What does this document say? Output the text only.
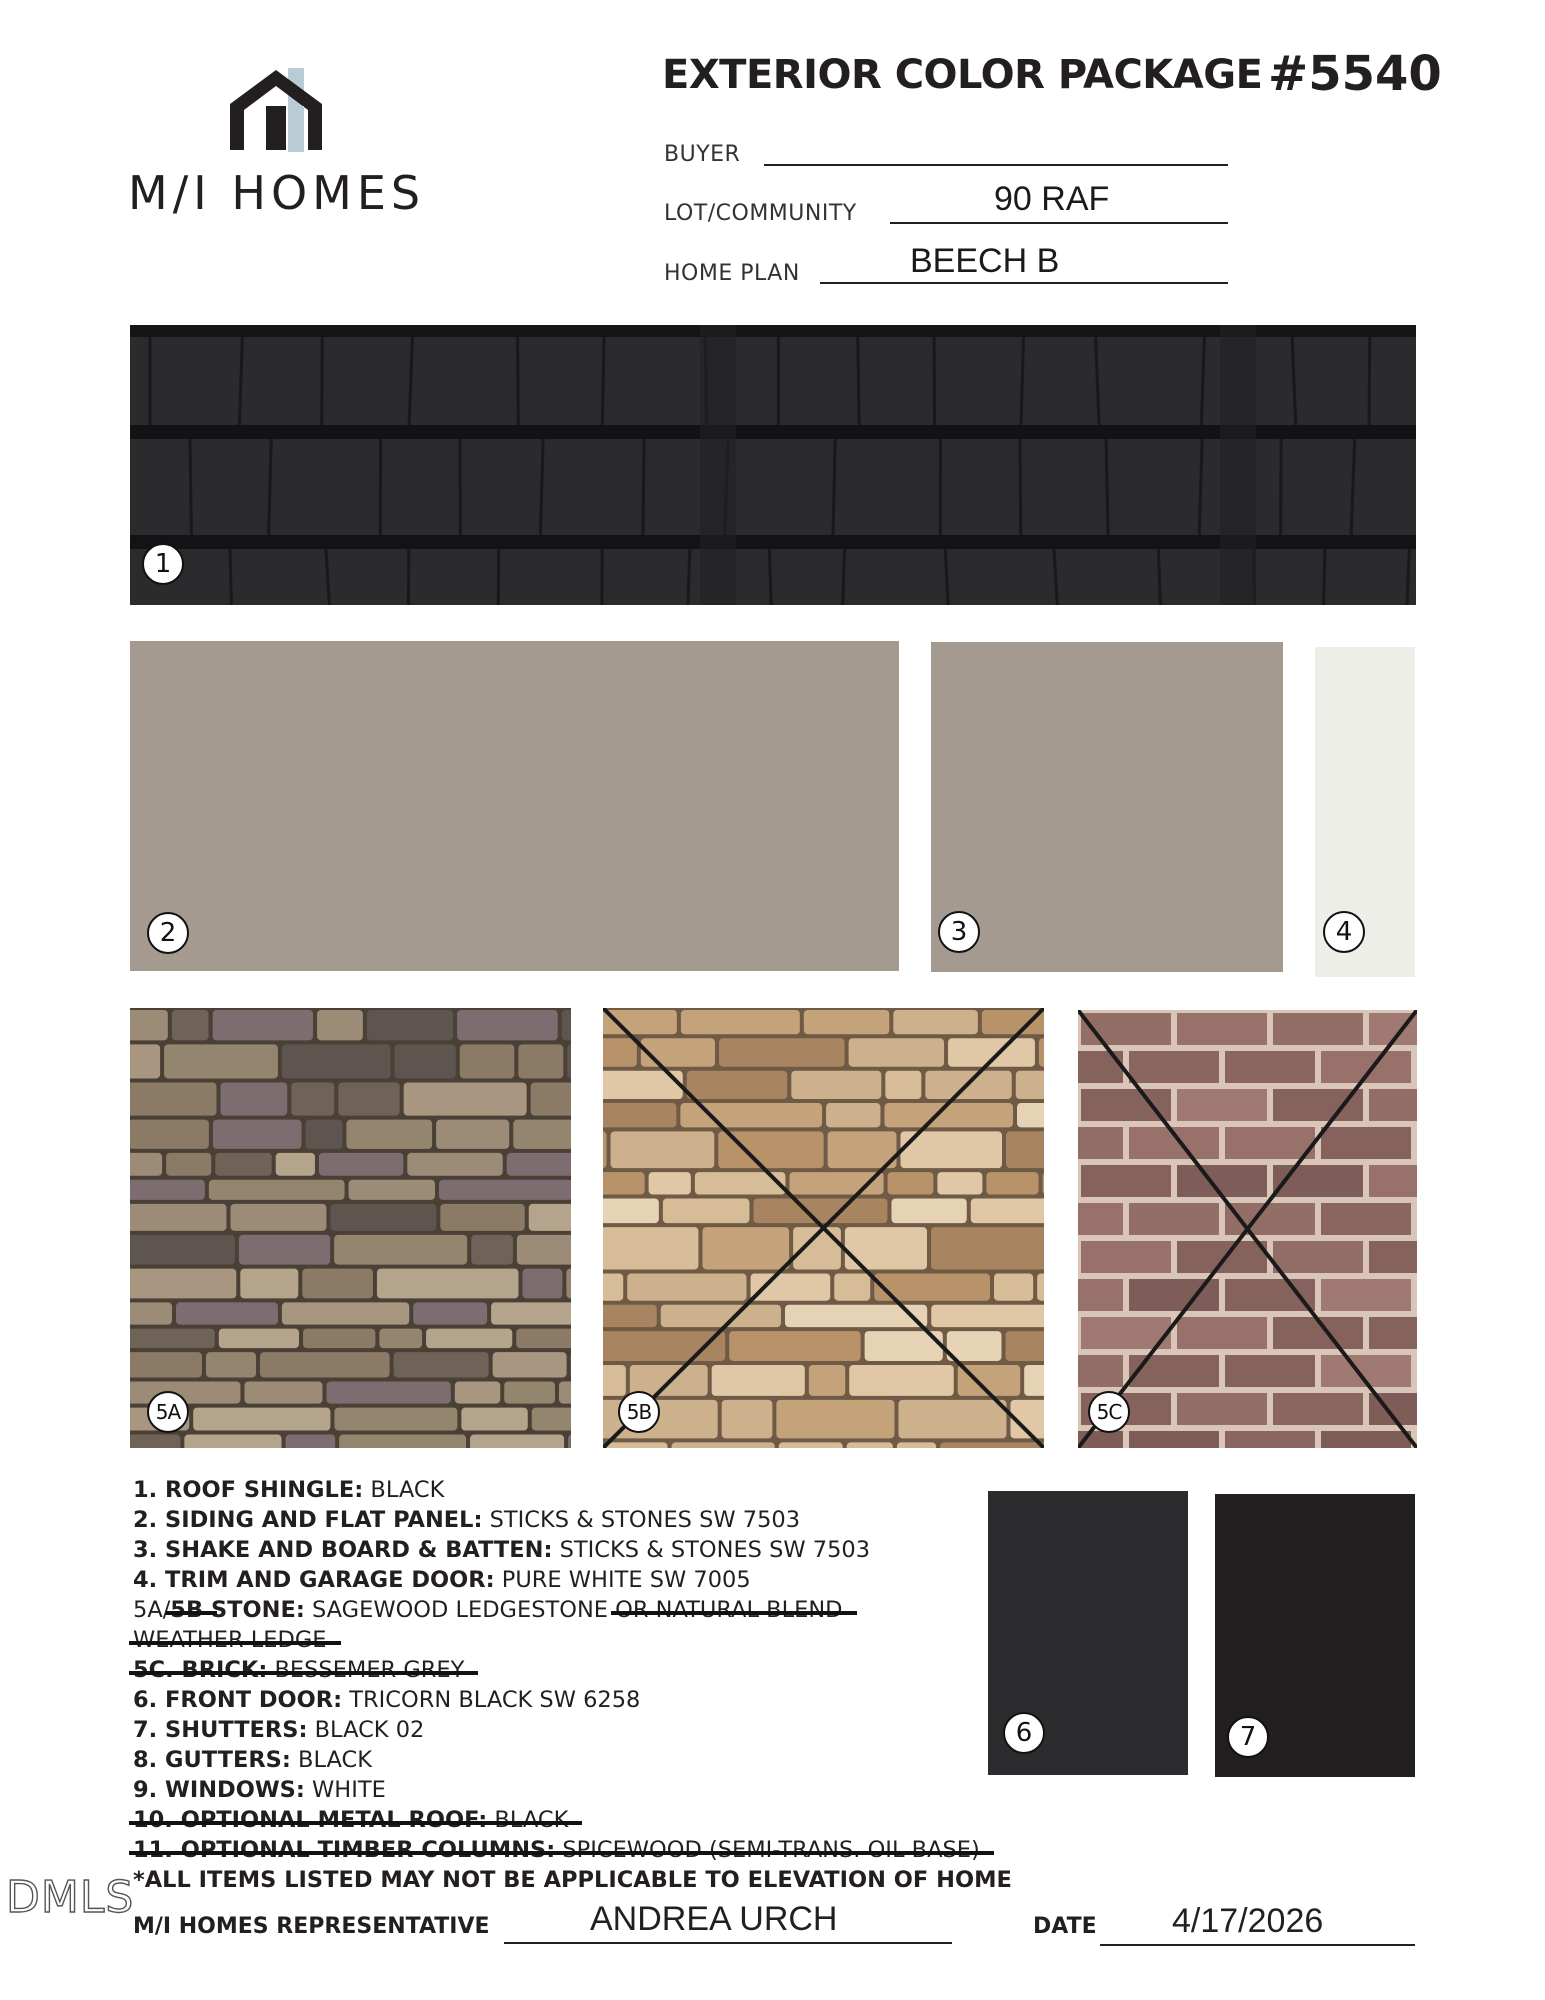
M/I HOMES
EXTERIOR COLOR PACKAGE #5540
BUYER
LOT/COMMUNITY	90 RAF
HOME PLAN	BEECH B
1
2	3	4
5A	5B	5C
6	7
1. ROOF SHINGLE: BLACK
2. SIDING AND FLAT PANEL: STICKS & STONES SW 7503
3. SHAKE AND BOARD & BATTEN: STICKS & STONES SW 7503
4. TRIM AND GARAGE DOOR: PURE WHITE SW 7005
5A/5B STONE: SAGEWOOD LEDGESTONE OR NATURAL BLEND
WEATHER LEDGE
5C. BRICK: BESSEMER GREY
6. FRONT DOOR: TRICORN BLACK SW 6258
7. SHUTTERS: BLACK 02
8. GUTTERS: BLACK
9. WINDOWS: WHITE
10. OPTIONAL METAL ROOF: BLACK
11. OPTIONAL TIMBER COLUMNS: SPICEWOOD (SEMI-TRANS. OIL BASE)
*ALL ITEMS LISTED MAY NOT BE APPLICABLE TO ELEVATION OF HOME
M/I HOMES REPRESENTATIVE	ANDREA URCH	DATE 4/17/2026
DMLS
